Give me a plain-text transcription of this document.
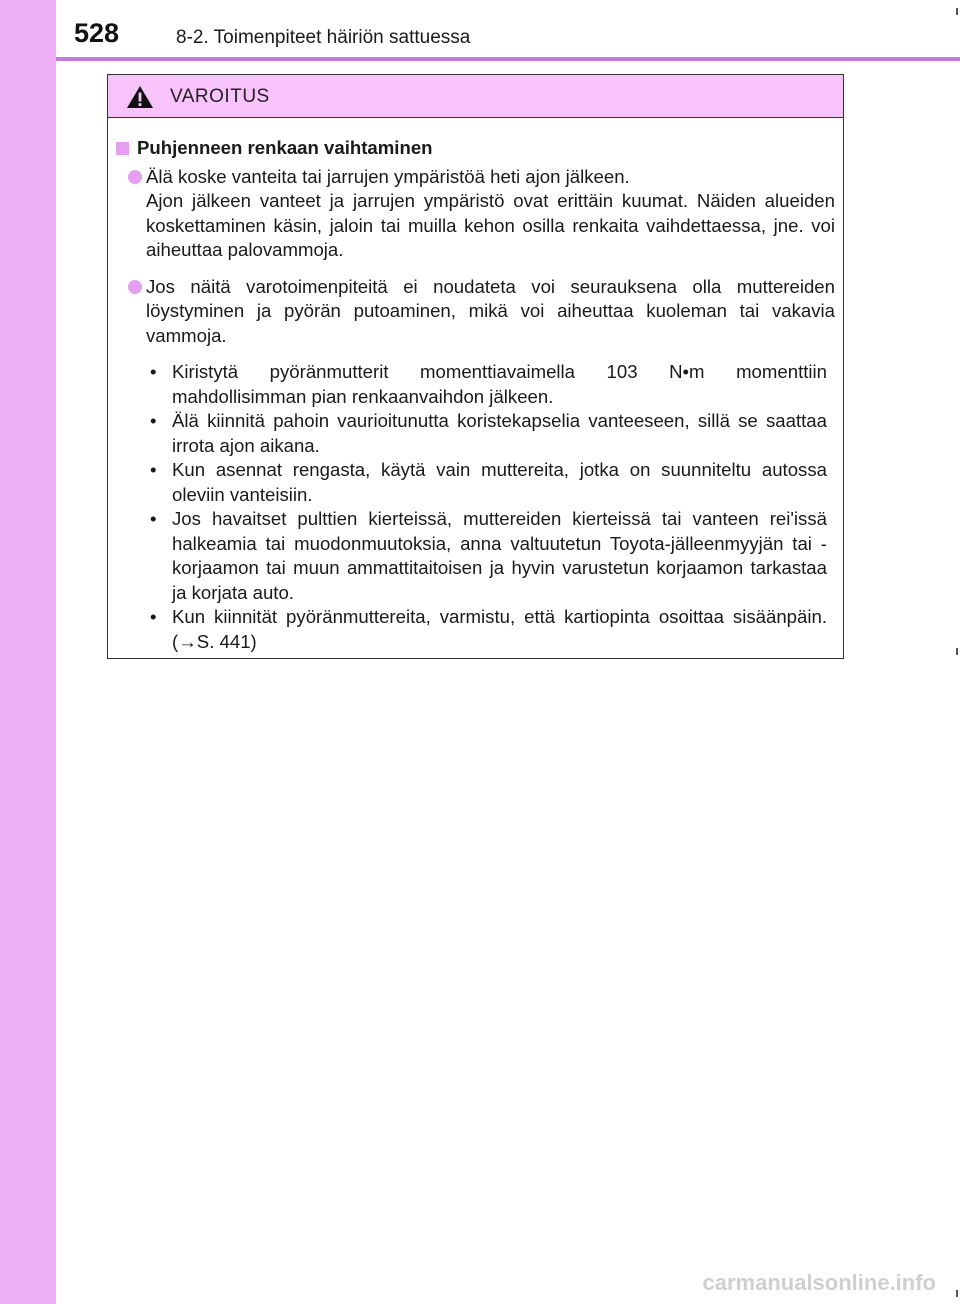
528	8-2. Toimenpiteet häiriön sattuessa
VAROITUS
Puhjenneen renkaan vaihtaminen
Älä koske vanteita tai jarrujen ympäristöä heti ajon jälkeen.
Ajon jälkeen vanteet ja jarrujen ympäristö ovat erittäin kuumat. Näiden alueiden koskettaminen käsin, jaloin tai muilla kehon osilla renkaita vaihdettaessa, jne. voi aiheuttaa palovammoja.
Jos näitä varotoimenpiteitä ei noudateta voi seurauksena olla muttereiden löystyminen ja pyörän putoaminen, mikä voi aiheuttaa kuoleman tai vakavia vammoja.
• Kiristytä pyöränmutterit momenttiavaimella 103 N•m momenttiin mahdollisimman pian renkaanvaihdon jälkeen.
• Älä kiinnitä pahoin vaurioitunutta koristekapselia vanteeseen, sillä se saattaa irrota ajon aikana.
• Kun asennat rengasta, käytä vain muttereita, jotka on suunniteltu autossa oleviin vanteisiin.
• Jos havaitset pulttien kierteissä, muttereiden kierteissä tai vanteen rei'issä halkeamia tai muodonmuutoksia, anna valtuutetun Toyota-jälleenmyyjän tai -korjaamon tai muun ammattitaitoisen ja hyvin varustetun korjaamon tarkastaa ja korjata auto.
• Kun kiinnität pyöränmuttereita, varmistu, että kartiopinta osoittaa sisäänpäin. (→S. 441)
carmanualsonline.info
